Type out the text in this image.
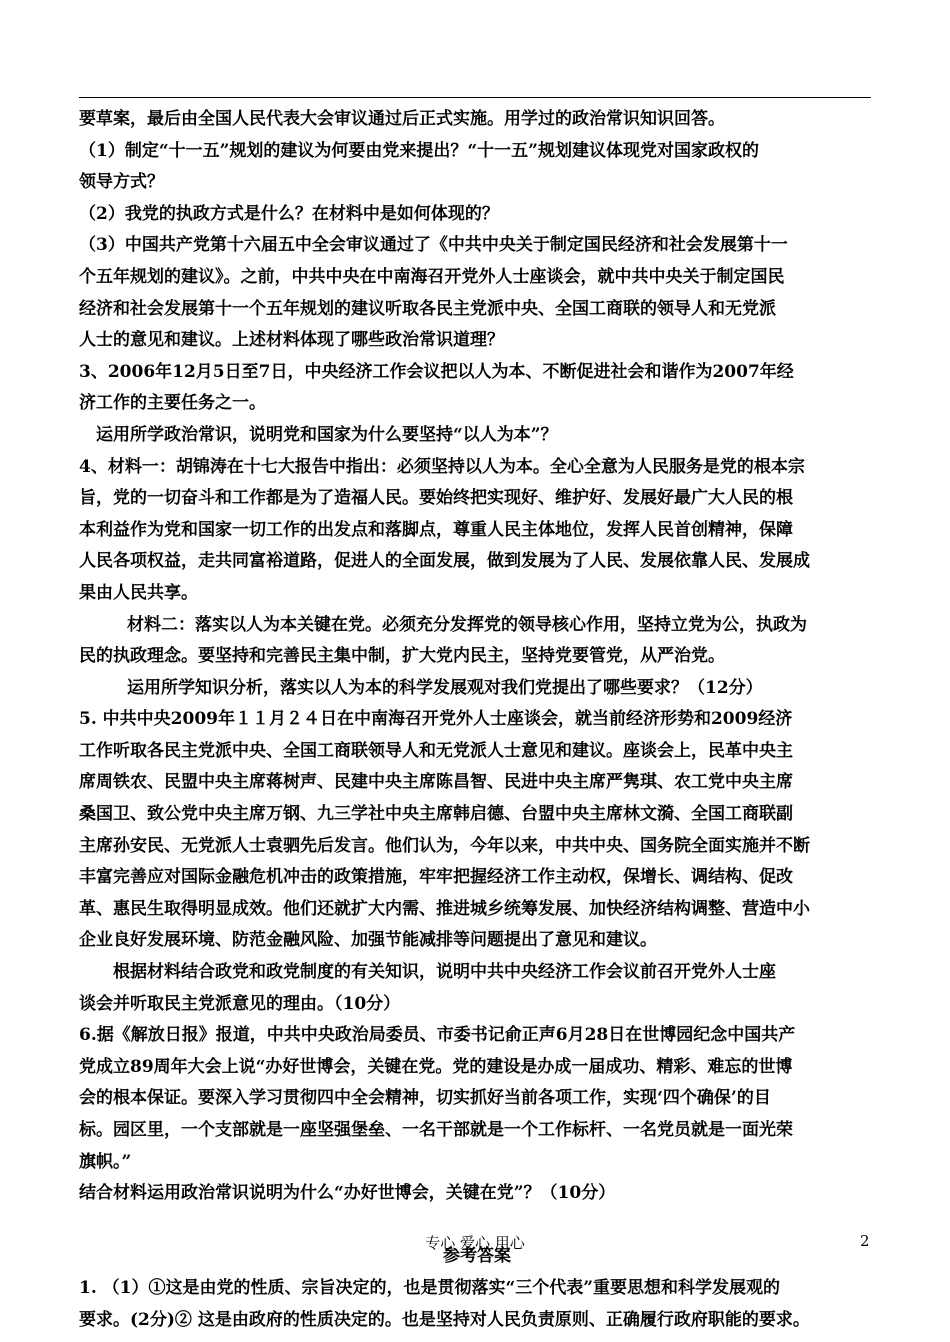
要草案，最后由全国人民代表大会审议通过后正式实施。用学过的政治常识知识回答。
（1）制定“十一五”规划的建议为何要由党来提出？“十一五”规划建议体现党对国家政权的
领导方式？
（2）我党的执政方式是什么？在材料中是如何体现的？
（3）中国共产党第十六届五中全会审议通过了《中共中央关于制定国民经济和社会发展第十一
个五年规划的建议》。之前，中共中央在中南海召开党外人士座谈会，就中共中央关于制定国民
经济和社会发展第十一个五年规划的建议听取各民主党派中央、全国工商联的领导人和无党派
人士的意见和建议。上述材料体现了哪些政治常识道理？
3、2006年12月5日至7日，中央经济工作会议把以人为本、不断促进社会和谐作为2007年经
济工作的主要任务之一。
运用所学政治常识，说明党和国家为什么要坚持“以人为本”？
4、材料一：胡锦涛在十七大报告中指出：必须坚持以人为本。全心全意为人民服务是党的根本宗
旨，党的一切奋斗和工作都是为了造福人民。要始终把实现好、维护好、发展好最广大人民的根
本利益作为党和国家一切工作的出发点和落脚点，尊重人民主体地位，发挥人民首创精神，保障
人民各项权益，走共同富裕道路，促进人的全面发展，做到发展为了人民、发展依靠人民、发展成
果由人民共享。
材料二：落实以人为本关键在党。必须充分发挥党的领导核心作用，坚持立党为公，执政为
民的执政理念。要坚持和完善民主集中制，扩大党内民主，坚持党要管党，从严治党。
运用所学知识分析，落实以人为本的科学发展观对我们党提出了哪些要求？（12分）
5. 中共中央2009年１１月２４日在中南海召开党外人士座谈会，就当前经济形势和2009经济
工作听取各民主党派中央、全国工商联领导人和无党派人士意见和建议。座谈会上，民革中央主
席周铁农、民盟中央主席蒋树声、民建中央主席陈昌智、民进中央主席严隽琪、农工党中央主席
桑国卫、致公党中央主席万钢、九三学社中央主席韩启德、台盟中央主席林文漪、全国工商联副
主席孙安民、无党派人士袁驷先后发言。他们认为，今年以来，中共中央、国务院全面实施并不断
丰富完善应对国际金融危机冲击的政策措施，牢牢把握经济工作主动权，保增长、调结构、促改
革、惠民生取得明显成效。他们还就扩大内需、推进城乡统筹发展、加快经济结构调整、营造中小
企业良好发展环境、防范金融风险、加强节能减排等问题提出了意见和建议。
根据材料结合政党和政党制度的有关知识，说明中共中央经济工作会议前召开党外人士座
谈会并听取民主党派意见的理由。（10分）
6.据《解放日报》报道，中共中央政治局委员、市委书记俞正声6月28日在世博园纪念中国共产
党成立89周年大会上说“办好世博会，关键在党。党的建设是办成一届成功、精彩、难忘的世博
会的根本保证。要深入学习贯彻四中全会精神，切实抓好当前各项工作，实现‘四个确保’的目
标。园区里，一个支部就是一座坚强堡垒、一名干部就是一个工作标杆、一名党员就是一面光荣
旗帜。”
结合材料运用政治常识说明为什么“办好世博会，关键在党”？（10分）
参考答案
1. （1）①这是由党的性质、宗旨决定的，也是贯彻落实“三个代表”重要思想和科学发展观的
要求。(2分)② 这是由政府的性质决定的。也是坚持对人民负责原则、正确履行政府职能的要求。
专心 爱心 用心	2
